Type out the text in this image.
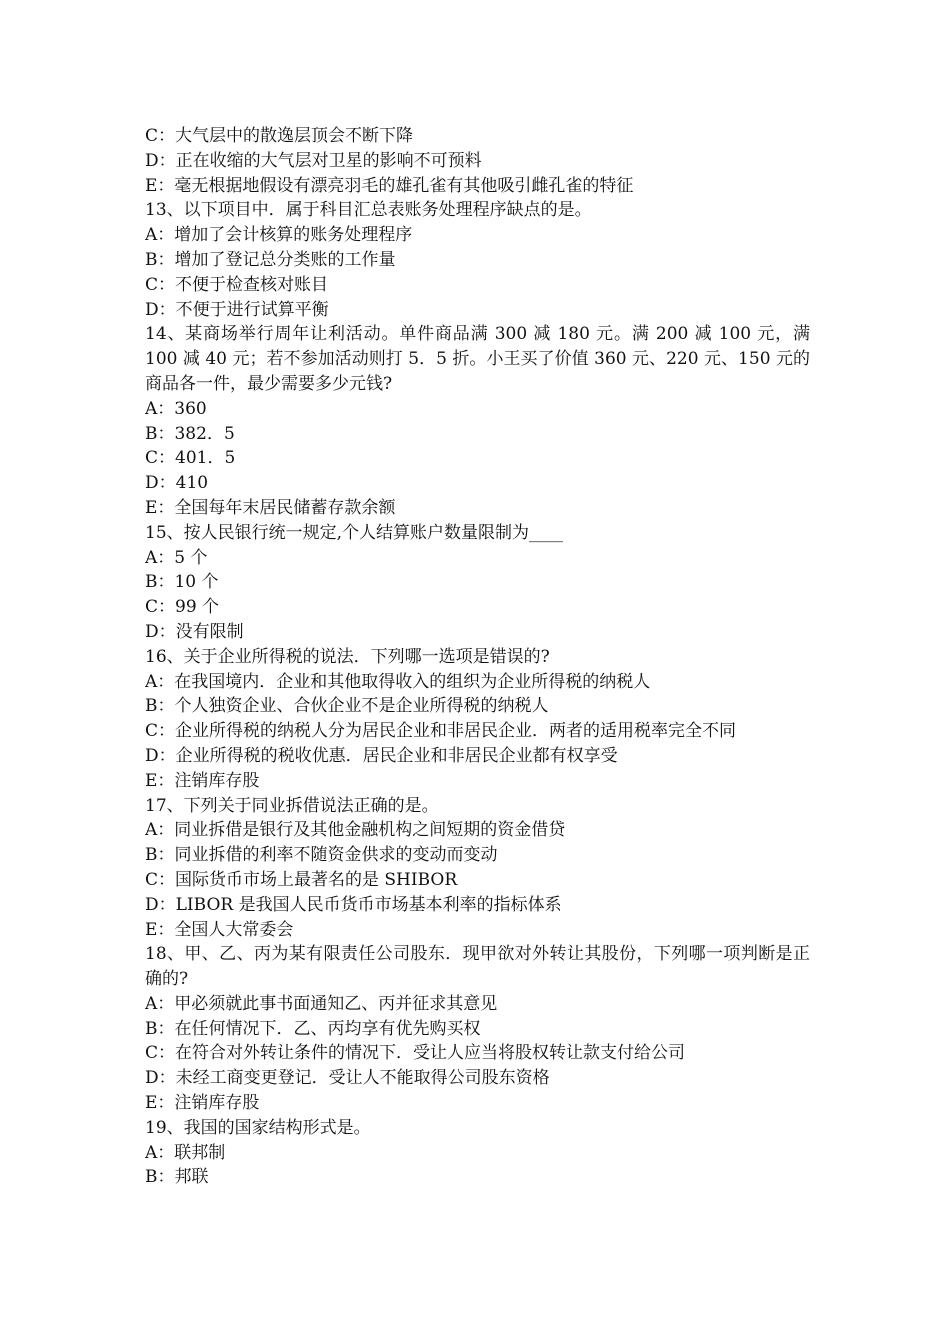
C：大气层中的散逸层顶会不断下降
D：正在收缩的大气层对卫星的影响不可预料
E：毫无根据地假设有漂亮羽毛的雄孔雀有其他吸引雌孔雀的特征
13、以下项目中．属于科目汇总表账务处理程序缺点的是。
A：增加了会计核算的账务处理程序
B：增加了登记总分类账的工作量
C：不便于检查核对账目
D：不便于进行试算平衡
14、某商场举行周年让利活动。单件商品满 300 减 180 元。满 200 减 100 元，满 100 减 40 元；若不参加活动则打 5．5 折。小王买了价值 360 元、220 元、150 元的商品各一件，最少需要多少元钱?
A：360
B：382．5
C：401．5
D：410
E：全国每年末居民储蓄存款余额
15、按人民银行统一规定,个人结算账户数量限制为____
A：5 个
B：10 个
C：99 个
D：没有限制
16、关于企业所得税的说法．下列哪一选项是错误的?
A：在我国境内．企业和其他取得收入的组织为企业所得税的纳税人
B：个人独资企业、合伙企业不是企业所得税的纳税人
C：企业所得税的纳税人分为居民企业和非居民企业．两者的适用税率完全不同
D：企业所得税的税收优惠．居民企业和非居民企业都有权享受
E：注销库存股
17、下列关于同业拆借说法正确的是。
A：同业拆借是银行及其他金融机构之间短期的资金借贷
B：同业拆借的利率不随资金供求的变动而变动
C：国际货币市场上最著名的是 SHIBOR
D：LIBOR 是我国人民币货币市场基本利率的指标体系
E：全国人大常委会
18、甲、乙、丙为某有限责任公司股东．现甲欲对外转让其股份，下列哪一项判断是正确的?
A：甲必须就此事书面通知乙、丙并征求其意见
B：在任何情况下．乙、丙均享有优先购买权
C：在符合对外转让条件的情况下．受让人应当将股权转让款支付给公司
D：未经工商变更登记．受让人不能取得公司股东资格
E：注销库存股
19、我国的国家结构形式是。
A：联邦制
B：邦联
